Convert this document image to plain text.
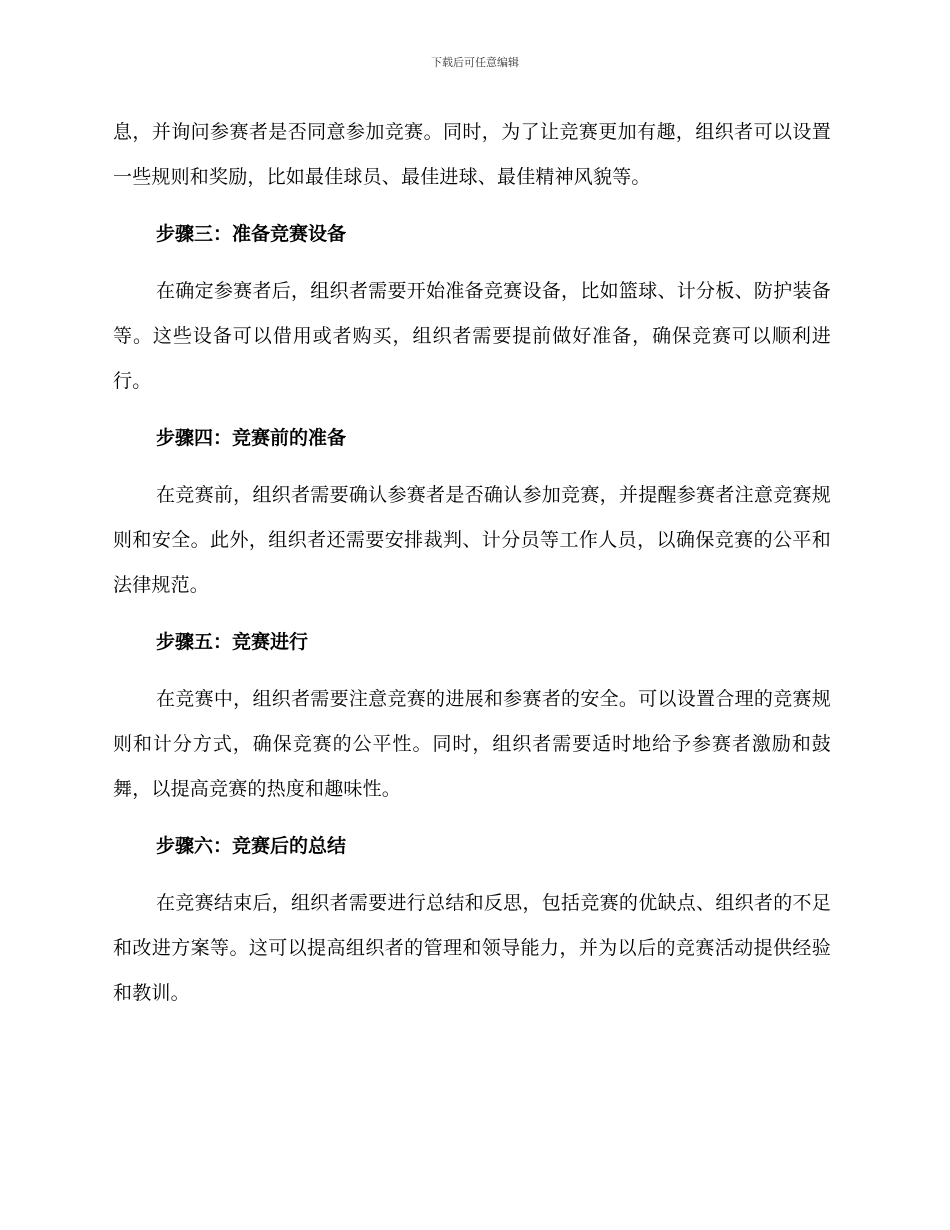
下载后可任意编辑

息，并询问参赛者是否同意参加竞赛。同时，为了让竞赛更加有趣，组织者可以设置一些规则和奖励，比如最佳球员、最佳进球、最佳精神风貌等。

步骤三：准备竞赛设备

在确定参赛者后，组织者需要开始准备竞赛设备，比如篮球、计分板、防护装备等。这些设备可以借用或者购买，组织者需要提前做好准备，确保竞赛可以顺利进行。

步骤四：竞赛前的准备

在竞赛前，组织者需要确认参赛者是否确认参加竞赛，并提醒参赛者注意竞赛规则和安全。此外，组织者还需要安排裁判、计分员等工作人员，以确保竞赛的公平和法律规范。

步骤五：竞赛进行

在竞赛中，组织者需要注意竞赛的进展和参赛者的安全。可以设置合理的竞赛规则和计分方式，确保竞赛的公平性。同时，组织者需要适时地给予参赛者激励和鼓舞，以提高竞赛的热度和趣味性。

步骤六：竞赛后的总结

在竞赛结束后，组织者需要进行总结和反思，包括竞赛的优缺点、组织者的不足和改进方案等。这可以提高组织者的管理和领导能力，并为以后的竞赛活动提供经验和教训。
